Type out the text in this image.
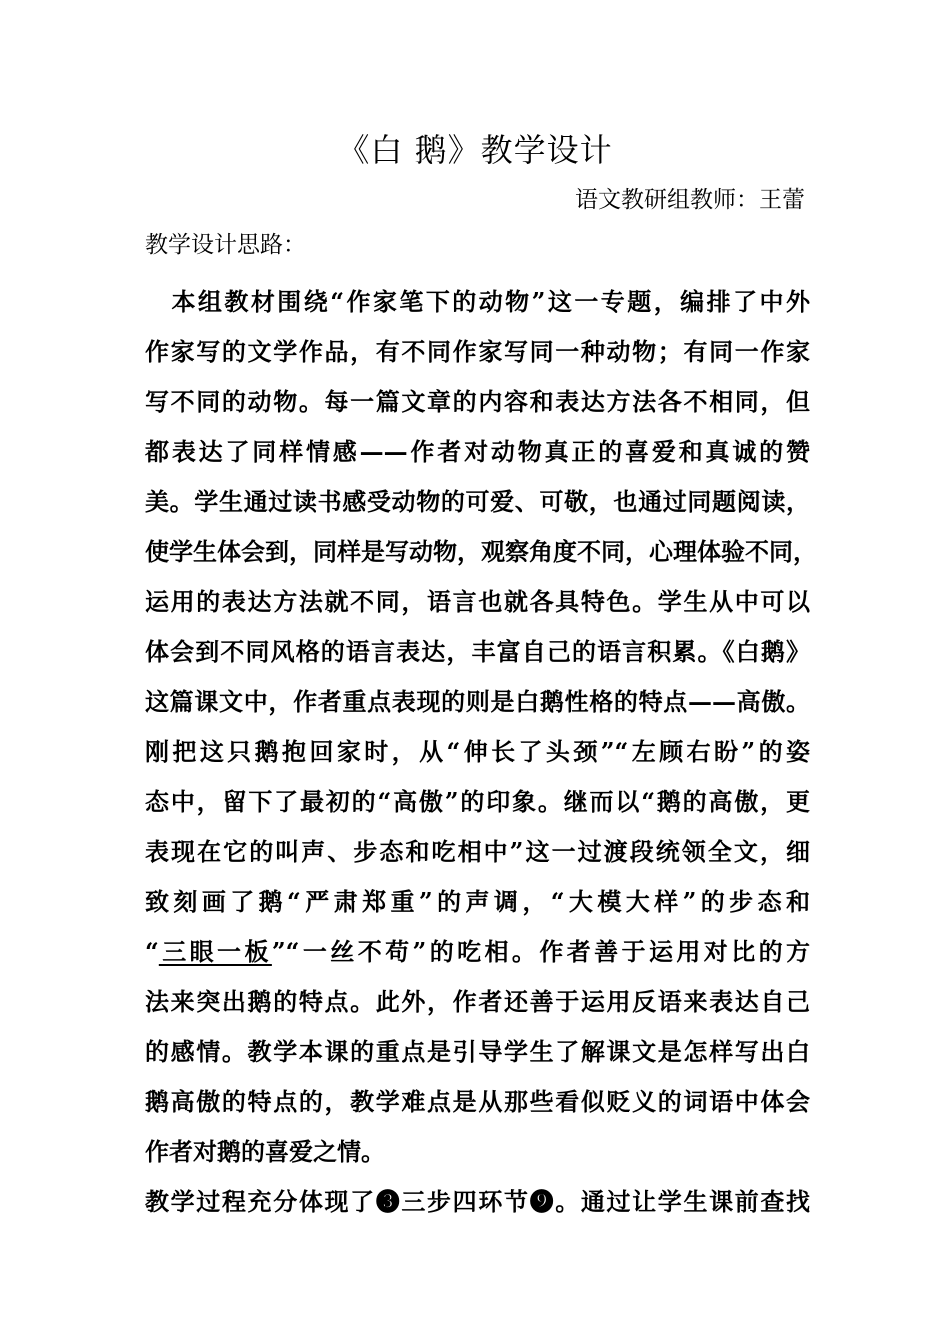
《白 鹅》教学设计
语文教研组教师：王蕾
教学设计思路：
　本组教材围绕“作家笔下的动物”这一专题，编排了中外
作家写的文学作品，有不同作家写同一种动物；有同一作家
写不同的动物。每一篇文章的内容和表达方法各不相同，但
都表达了同样情感——作者对动物真正的喜爱和真诚的赞
美。学生通过读书感受动物的可爱、可敬，也通过同题阅读，
使学生体会到，同样是写动物，观察角度不同，心理体验不同，
运用的表达方法就不同，语言也就各具特色。学生从中可以
体会到不同风格的语言表达，丰富自己的语言积累。《白鹅》
这篇课文中，作者重点表现的则是白鹅性格的特点——高傲。
刚把这只鹅抱回家时，从“伸长了头颈”“左顾右盼”的姿
态中，留下了最初的“高傲”的印象。继而以“鹅的高傲，更
表现在它的叫声、步态和吃相中”这一过渡段统领全文，细
致刻画了鹅“严肃郑重”的声调，“大模大样”的步态和
“三眼一板”“一丝不苟”的吃相。作者善于运用对比的方
法来突出鹅的特点。此外，作者还善于运用反语来表达自己
的感情。教学本课的重点是引导学生了解课文是怎样写出白
鹅高傲的特点的，教学难点是从那些看似贬义的词语中体会
作者对鹅的喜爱之情。
教学过程充分体现了❸三步四环节❾。通过让学生课前查找
